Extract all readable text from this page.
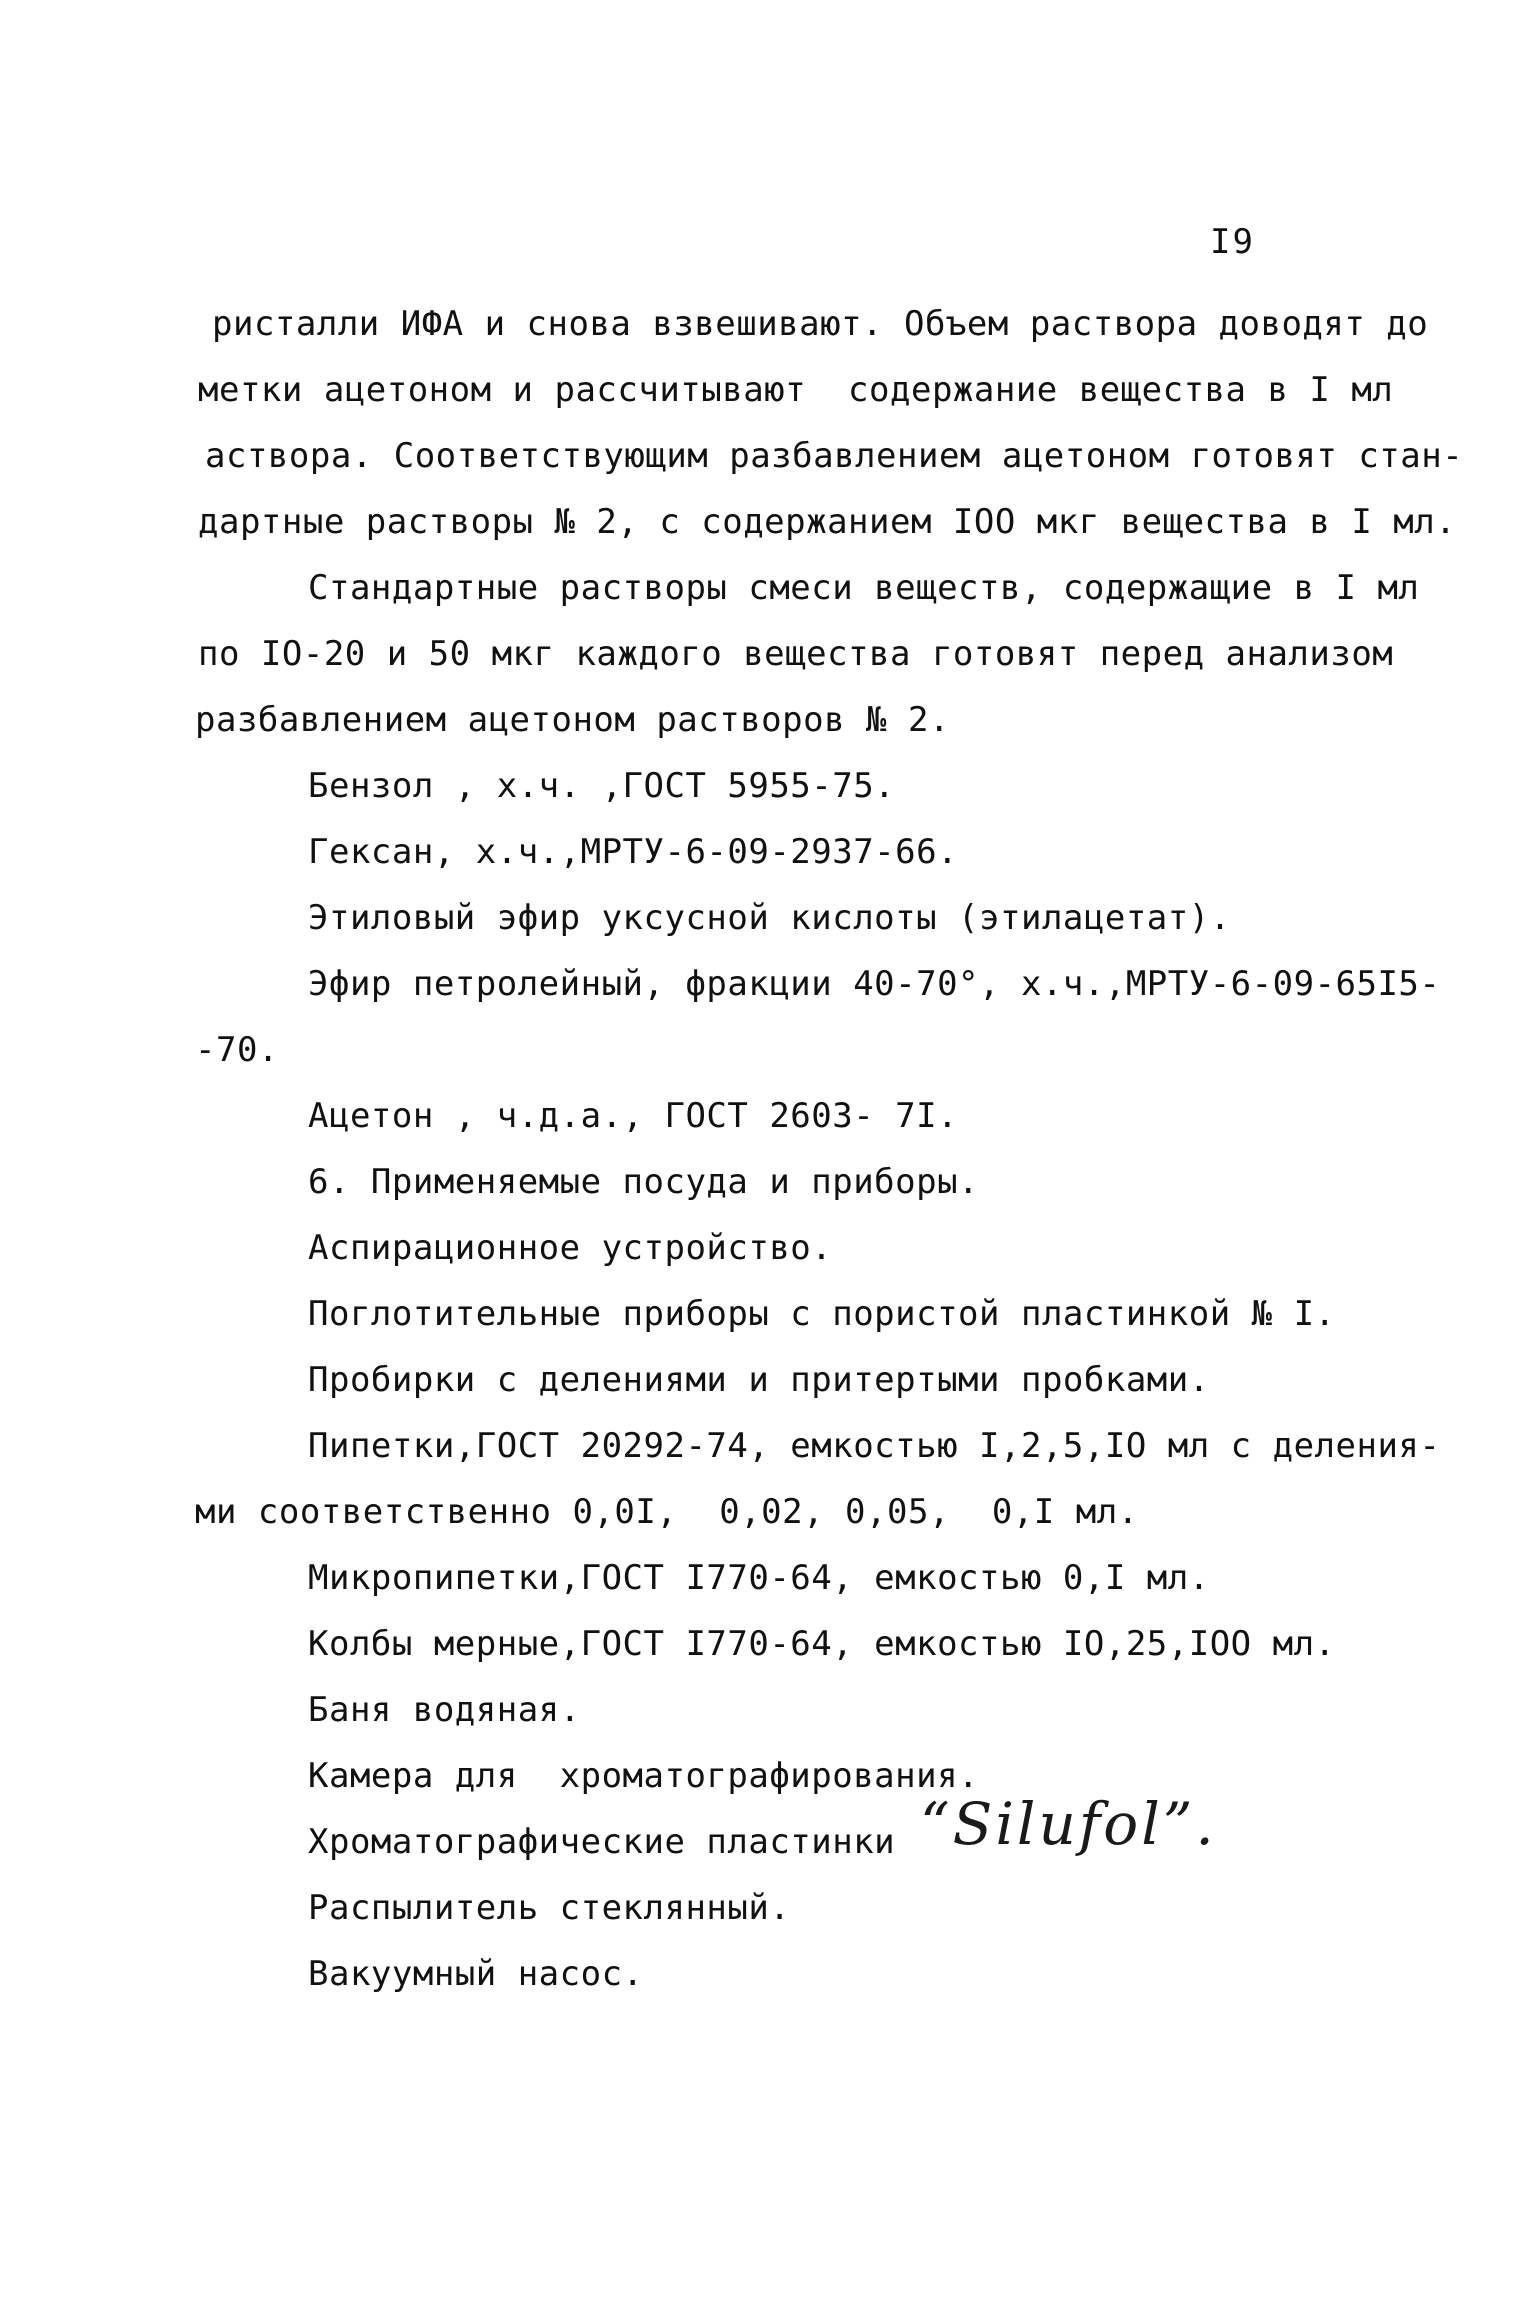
I9
ристалли ИФА и снова взвешивают. Объем раствора доводят до
метки ацетоном и рассчитывают  содержание вещества в I мл
аствора. Соответствующим разбавлением ацетоном готовят стан-
дартные растворы № 2, с содержанием IOO мкг вещества в I мл.
Стандартные растворы смеси веществ, содержащие в I мл
по IO-20 и 50 мкг каждого вещества готовят перед анализом
разбавлением ацетоном растворов № 2.
Бензол , х.ч. ,ГОСТ 5955-75.
Гексан, х.ч.,МРТУ-6-09-2937-66.
Этиловый эфир уксусной кислоты (этилацетат).
Эфир петролейный, фракции 40-70°, х.ч.,МРТУ-6-09-65I5-
-70.
Ацетон , ч.д.а., ГОСТ 2603- 7I.
6. Применяемые посуда и приборы.
Аспирационное устройство.
Поглотительные приборы с пористой пластинкой № I.
Пробирки с делениями и притертыми пробками.
Пипетки,ГОСТ 20292-74, емкостью I,2,5,IO мл с деления-
ми соответственно 0,0I,  0,02, 0,05,  0,I мл.
Микропипетки,ГОСТ I770-64, емкостью 0,I мл.
Колбы мерные,ГОСТ I770-64, емкостью IO,25,IOO мл.
Баня водяная.
Камера для  хроматографирования.
Хроматографические пластинки “Silufol”.
Распылитель стеклянный.
Вакуумный насос.
